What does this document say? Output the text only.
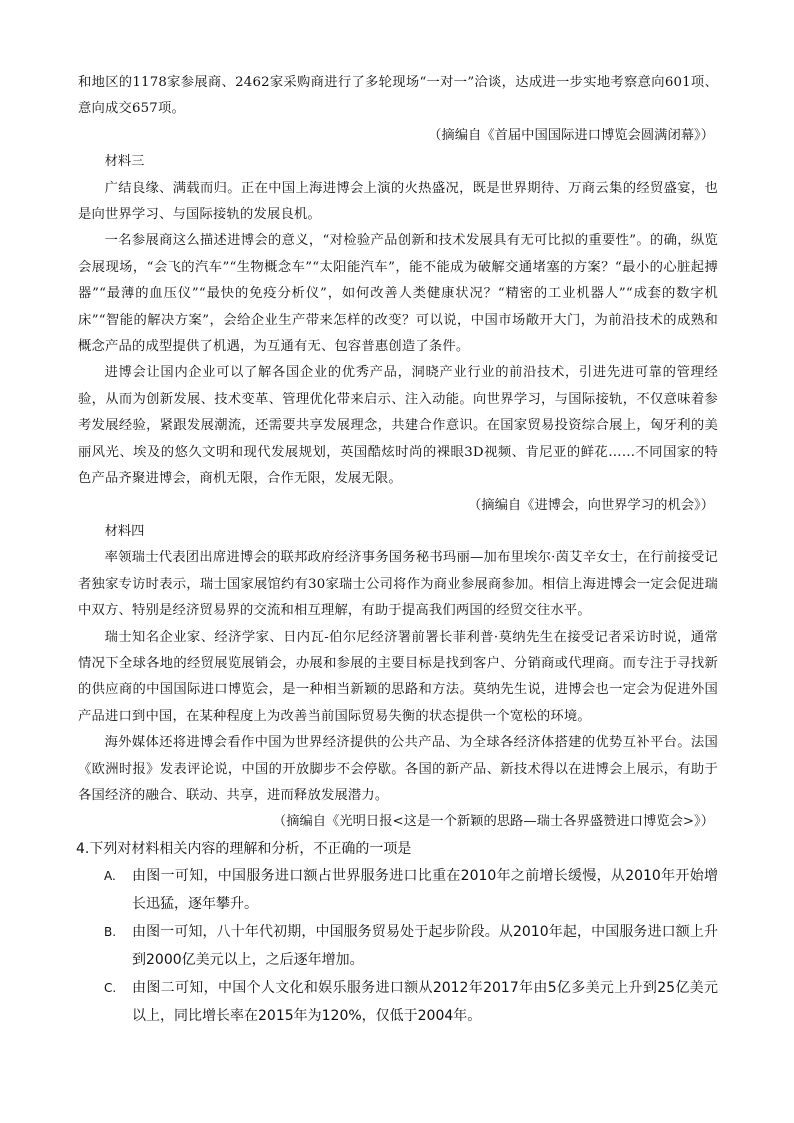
和地区的1178家参展商、2462家采购商进行了多轮现场“一对一”洽谈，达成进一步实地考察意向601项、意向成交657项。

（摘编自《首届中国国际进口博览会圆满闭幕》）

材料三

广结良缘、满载而归。正在中国上海进博会上演的火热盛况，既是世界期待、万商云集的经贸盛宴，也是向世界学习、与国际接轨的发展良机。

一名参展商这么描述进博会的意义，“对检验产品创新和技术发展具有无可比拟的重要性”。的确，纵览会展现场，“会飞的汽车”“生物概念车”“太阳能汽车”，能不能成为破解交通堵塞的方案？“最小的心脏起搏器”“最薄的血压仪”“最快的免疫分析仪”，如何改善人类健康状况？“精密的工业机器人”“成套的数字机床”“智能的解决方案”，会给企业生产带来怎样的改变？可以说，中国市场敞开大门，为前沿技术的成熟和概念产品的成型提供了机遇，为互通有无、包容普惠创造了条件。

进博会让国内企业可以了解各国企业的优秀产品，洞晓产业行业的前沿技术，引进先进可靠的管理经验，从而为创新发展、技术变革、管理优化带来启示、注入动能。向世界学习，与国际接轨，不仅意味着参考发展经验，紧跟发展潮流，还需要共享发展理念，共建合作意识。在国家贸易投资综合展上，匈牙利的美丽风光、埃及的悠久文明和现代发展规划，英国酷炫时尚的裸眼3D视频、肯尼亚的鲜花……不同国家的特色产品齐聚进博会，商机无限，合作无限，发展无限。

（摘编自《进博会，向世界学习的机会》）

材料四

率领瑞士代表团出席进博会的联邦政府经济事务国务秘书玛丽—加布里埃尔·茵艾辛女士，在行前接受记者独家专访时表示，瑞士国家展馆约有30家瑞士公司将作为商业参展商参加。相信上海进博会一定会促进瑞中双方、特别是经济贸易界的交流和相互理解，有助于提高我们两国的经贸交往水平。

瑞士知名企业家、经济学家、日内瓦-伯尔尼经济署前署长菲利普·莫纳先生在接受记者采访时说，通常情况下全球各地的经贸展览展销会，办展和参展的主要目标是找到客户、分销商或代理商。而专注于寻找新的供应商的中国国际进口博览会，是一种相当新颖的思路和方法。莫纳先生说，进博会也一定会为促进外国产品进口到中国，在某种程度上为改善当前国际贸易失衡的状态提供一个宽松的环境。

海外媒体还将进博会看作中国为世界经济提供的公共产品、为全球各经济体搭建的优势互补平台。法国《欧洲时报》发表评论说，中国的开放脚步不会停歇。各国的新产品、新技术得以在进博会上展示，有助于各国经济的融合、联动、共享，进而释放发展潜力。

（摘编自《光明日报<这是一个新颖的思路—瑞士各界盛赞进口博览会>》）

4.下列对材料相关内容的理解和分析，不正确的一项是

A.	由图一可知，中国服务进口额占世界服务进口比重在2010年之前增长缓慢，从2010年开始增长迅猛，逐年攀升。
B.	由图一可知，八十年代初期，中国服务贸易处于起步阶段。从2010年起，中国服务进口额上升到2000亿美元以上，之后逐年增加。
C.	由图二可知，中国个人文化和娱乐服务进口额从2012年2017年由5亿多美元上升到25亿美元以上，同比增长率在2015年为120%，仅低于2004年。
